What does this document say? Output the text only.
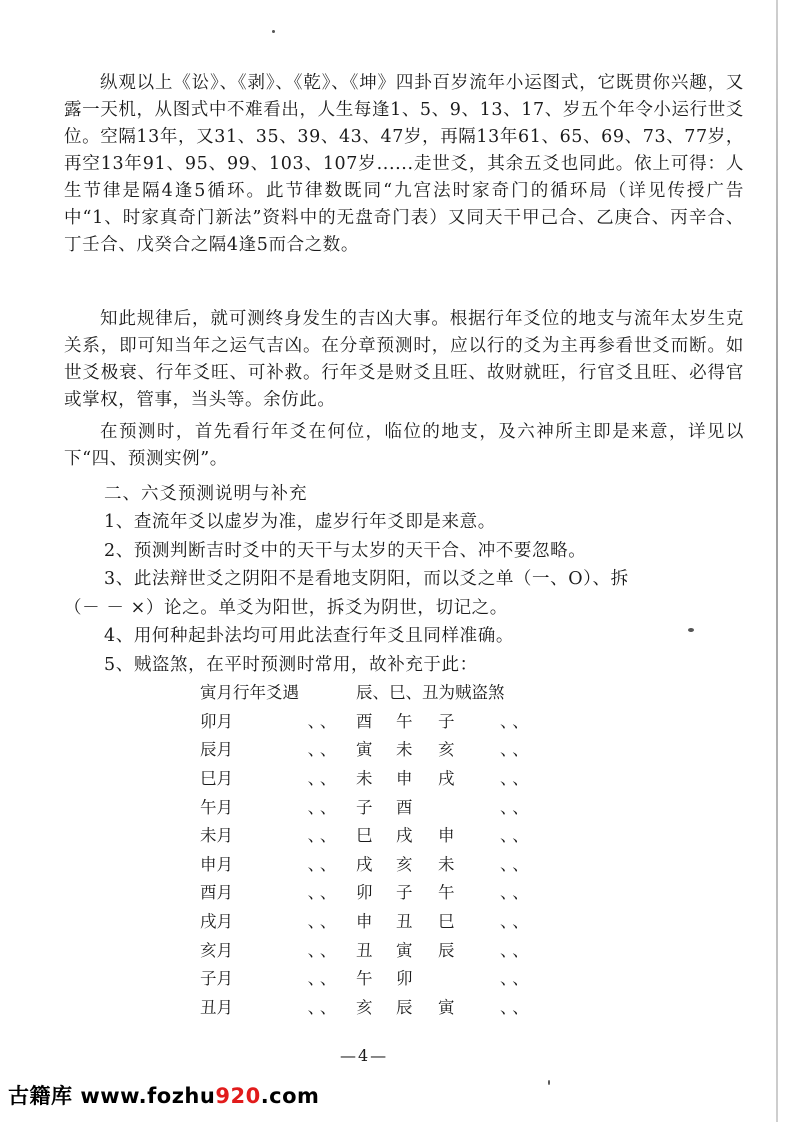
纵观以上《讼》、《剥》、《乾》、《坤》四卦百岁流年小运图式，它既贯你兴趣，又露一天机，从图式中不难看出，人生每逢1、5、9、13、17、岁五个年令小运行世爻位。空隔13年，又31、35、39、43、47岁，再隔13年61、65、69、73、77岁，再空13年91、95、99、103、107岁......走世爻，其余五爻也同此。依上可得：人生节律是隔4逢5循环。此节律数既同“九宫法时家奇门的循环局（详见传授广告中“1、时家真奇门新法”资料中的无盘奇门表）又同天干甲己合、乙庚合、丙辛合、丁壬合、戊癸合之隔4逢5而合之数。

知此规律后，就可测终身发生的吉凶大事。根据行年爻位的地支与流年太岁生克关系，即可知当年之运气吉凶。在分章预测时，应以行的爻为主再参看世爻而断。如世爻极衰、行年爻旺、可补救。行年爻是财爻且旺、故财就旺，行官爻且旺、必得官或掌权，管事，当头等。余仿此。

在预测时，首先看行年爻在何位，临位的地支，及六神所主即是来意，详见以下“四、预测实例”。

二、六爻预测说明与补充

1、查流年爻以虚岁为准，虚岁行年爻即是来意。
2、预测判断吉时爻中的天干与太岁的天干合、冲不要忽略。
3、此法辩世爻之阴阳不是看地支阴阳，而以爻之单（一、O）、拆
（－ － ×）论之。单爻为阳世，拆爻为阴世，切记之。
4、用何种起卦法均可用此法查行年爻且同样准确。
5、贼盗煞，在平时预测时常用，故补充于此：
寅月行年爻遇		辰、巳、丑为贼盗煞			
卯月	、、	酉	午	子	、、
辰月	、、	寅	未	亥	、、
巳月	、、	未	申	戌	、、
午月	、、	子	酉		、、
未月	、、	巳	戌	申	、、
申月	、、	戌	亥	未	、、
酉月	、、	卯	子	午	、、
戌月	、、	申	丑	巳	、、
亥月	、、	丑	寅	辰	、、
子月	、、	午	卯		、、
丑月	、、	亥	辰	寅	、、
—4—
古籍库 www.fozhu920.com
